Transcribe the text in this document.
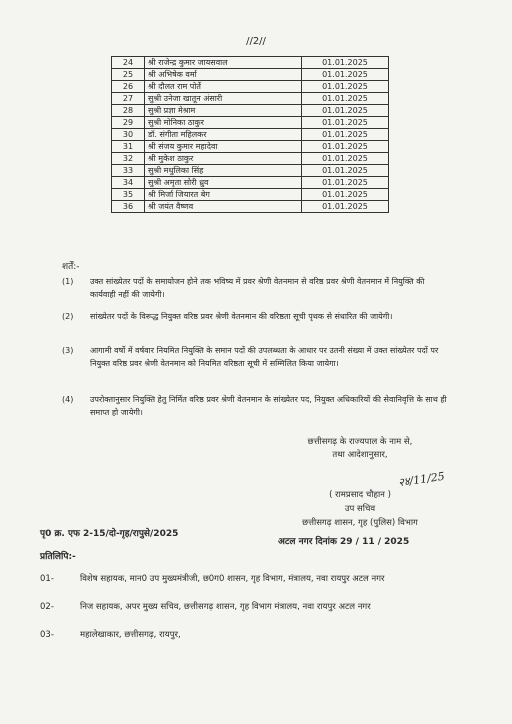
//2//
24	श्री राजेन्द्र कुमार जायसवाल	01.01.2025
25	श्री अभिषेक वर्मा	01.01.2025
26	श्री दौलत राम पोर्ते	01.01.2025
27	सुश्री उनेजा खातून अंसारी	01.01.2025
28	सुश्री प्रज्ञा मेश्राम	01.01.2025
29	सुश्री मोनिका ठाकुर	01.01.2025
30	डॉ. संगीता महिलकर	01.01.2025
31	श्री संजय कुमार महादेवा	01.01.2025
32	श्री मुकेश ठाकुर	01.01.2025
33	सुश्री मधुलिका सिंह	01.01.2025
34	सुश्री अमृता सोरी ध्रुव	01.01.2025
35	श्री मिर्जा जियारत बेग	01.01.2025
36	श्री जयंत वैष्णव	01.01.2025
शर्तें:-
(1) उक्त सांख्येतर पदों के समायोजन होने तक भविष्य में प्रवर श्रेणी वेतनमान से वरिष्ठ प्रवर श्रेणी वेतनमान में नियुक्ति की कार्यवाही नहीं की जायेगी।
(2) सांख्येतर पदों के विरूद्ध नियुक्त वरिष्ठ प्रवर श्रेणी वेतनमान की वरिष्ठता सूची पृथक से संधारित की जायेगी।
(3) आगामी वर्षो में वर्षवार नियमित नियुक्ति के समान पदों की उपलब्धता के आधार पर उतनी संख्या में उक्त सांख्येतर पदों पर नियुक्त वरिष्ठ प्रवर श्रेणी वेतनमान को नियमित वरिष्ठता सूची में सम्मिलित किया जायेगा।
(4) उपरोक्तानुसार नियुक्ति हेतु निर्मित वरिष्ठ प्रवर श्रेणी वेतनमान के सांख्येतर पद, नियुक्त अधिकारियों की सेवानिवृत्ति के साथ ही समाप्त हो जायेगी।
छत्तीसगढ़ के राज्यपाल के नाम से,
तथा आदेशानुसार,
२४/11/25
( रामप्रसाद चौहान )
उप सचिव
छत्तीसगढ़ शासन, गृह (पुलिस) विभाग
पृ0 क्र. एफ 2-15/दो-गृह/रापुसे/2025
अटल नगर दिनांक 29 / 11 / 2025
प्रतिलिपि:-
01-	विशेष सहायक, मान0 उप मुख्यमंत्रीजी, छ0ग0 शासन, गृह विभाग, मंत्रालय, नवा रायपुर अटल नगर
02-	निज सहायक, अपर मुख्य सचिव, छत्तीसगढ़ शासन, गृह विभाग मंत्रालय, नवा रायपुर अटल नगर
03-	महालेखाकार, छत्तीसगढ़, रायपुर,
